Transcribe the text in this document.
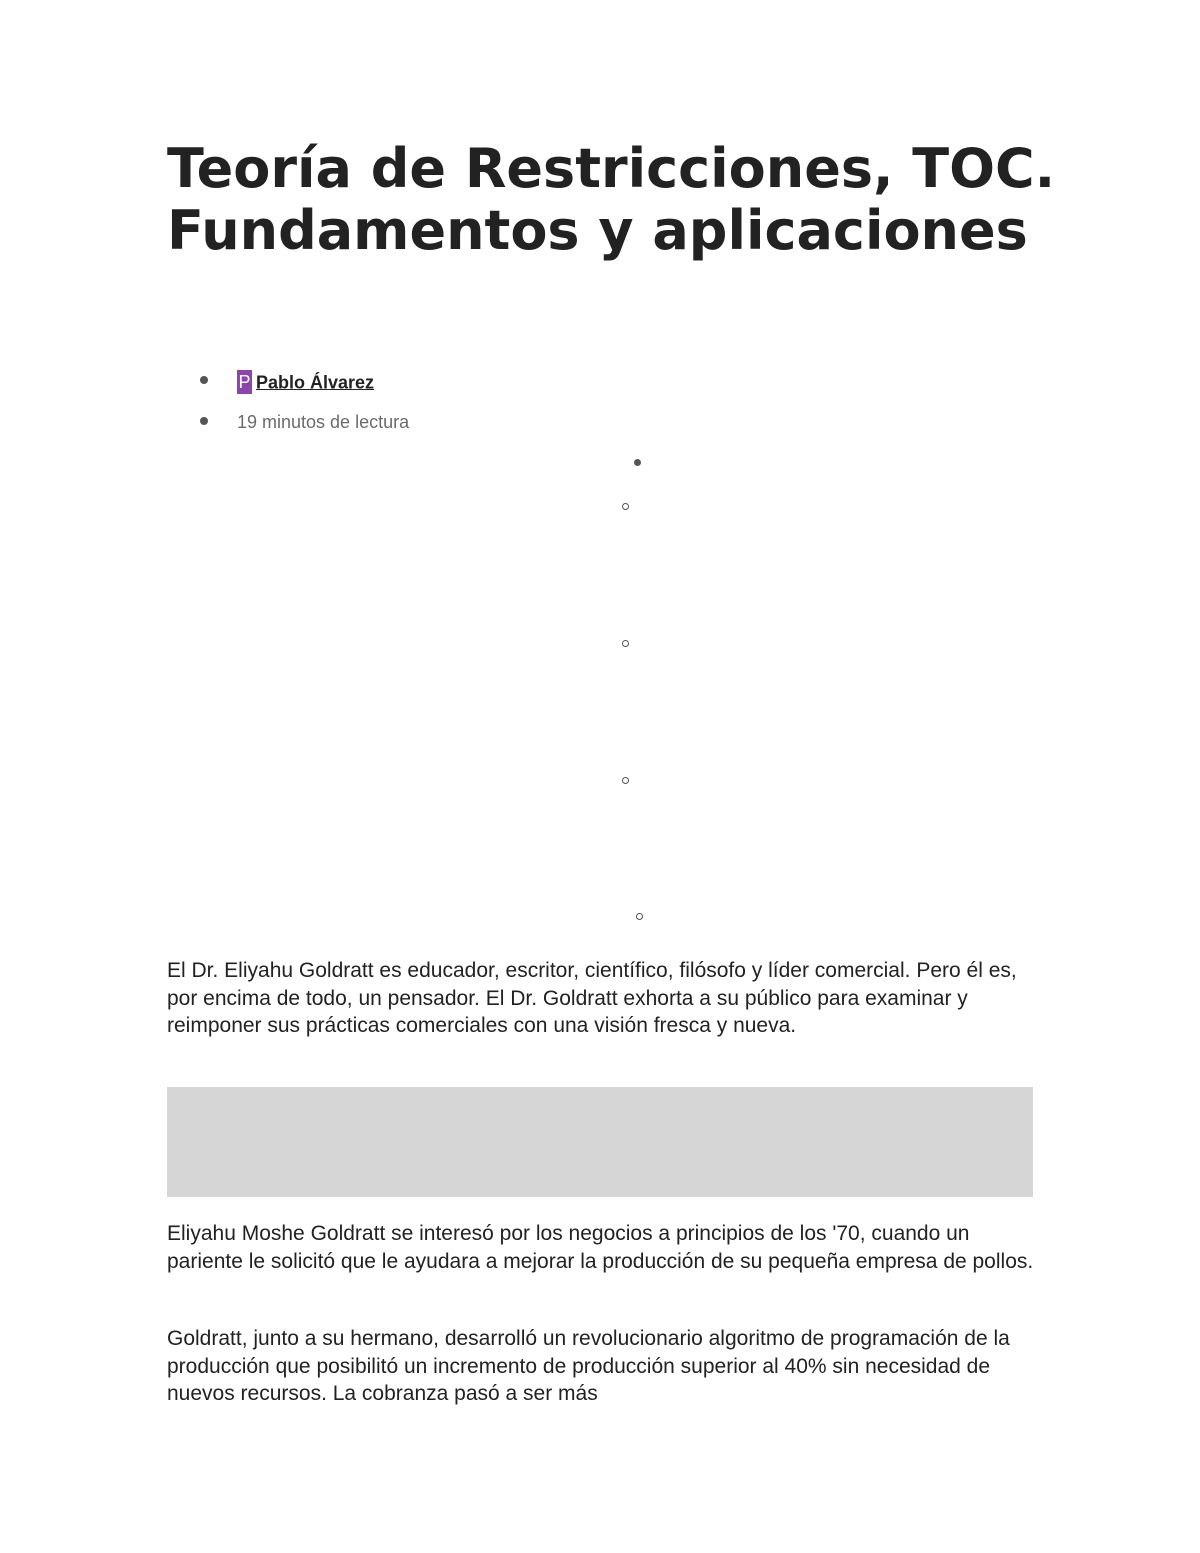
Teoría de Restricciones, TOC. Fundamentos y aplicaciones
P Pablo Álvarez
19 minutos de lectura

El Dr. Eliyahu Goldratt es educador, escritor, científico, filósofo y líder comercial. Pero él es, por encima de todo, un pensador. El Dr. Goldratt exhorta a su público para examinar y reimponer sus prácticas comerciales con una visión fresca y nueva.

Eliyahu Moshe Goldratt se interesó por los negocios a principios de los '70, cuando un pariente le solicitó que le ayudara a mejorar la producción de su pequeña empresa de pollos.

Goldratt, junto a su hermano, desarrolló un revolucionario algoritmo de programación de la producción que posibilitó un incremento de producción superior al 40% sin necesidad de nuevos recursos. La cobranza pasó a ser más
